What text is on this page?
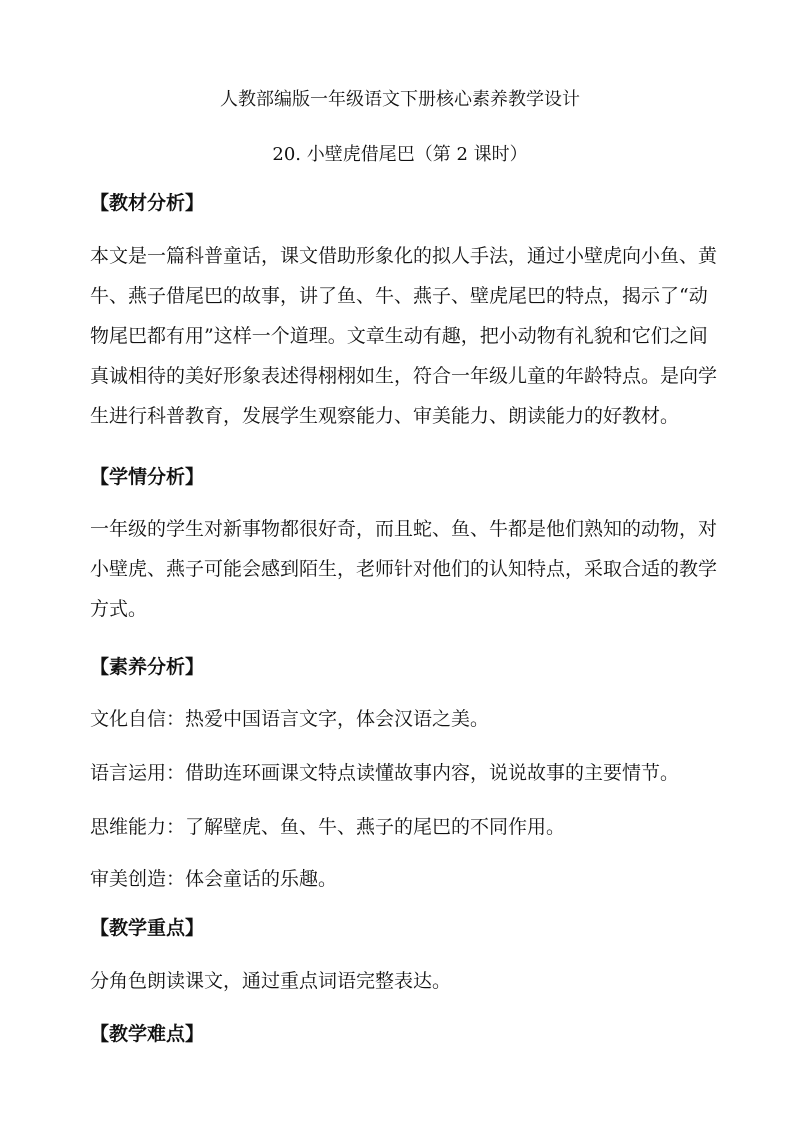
人教部编版一年级语文下册核心素养教学设计
20. 小壁虎借尾巴（第 2 课时）
【教材分析】
本文是一篇科普童话，课文借助形象化的拟人手法，通过小壁虎向小鱼、黄
牛、燕子借尾巴的故事，讲了鱼、牛、燕子、壁虎尾巴的特点，揭示了“动
物尾巴都有用”这样一个道理。文章生动有趣，把小动物有礼貌和它们之间
真诚相待的美好形象表述得栩栩如生，符合一年级儿童的年龄特点。是向学
生进行科普教育，发展学生观察能力、审美能力、朗读能力的好教材。
【学情分析】
一年级的学生对新事物都很好奇，而且蛇、鱼、牛都是他们熟知的动物，对
小壁虎、燕子可能会感到陌生，老师针对他们的认知特点，采取合适的教学
方式。
【素养分析】
文化自信：热爱中国语言文字，体会汉语之美。
语言运用：借助连环画课文特点读懂故事内容，说说故事的主要情节。
思维能力：了解壁虎、鱼、牛、燕子的尾巴的不同作用。
审美创造：体会童话的乐趣。
【教学重点】
分角色朗读课文，通过重点词语完整表达。
【教学难点】
